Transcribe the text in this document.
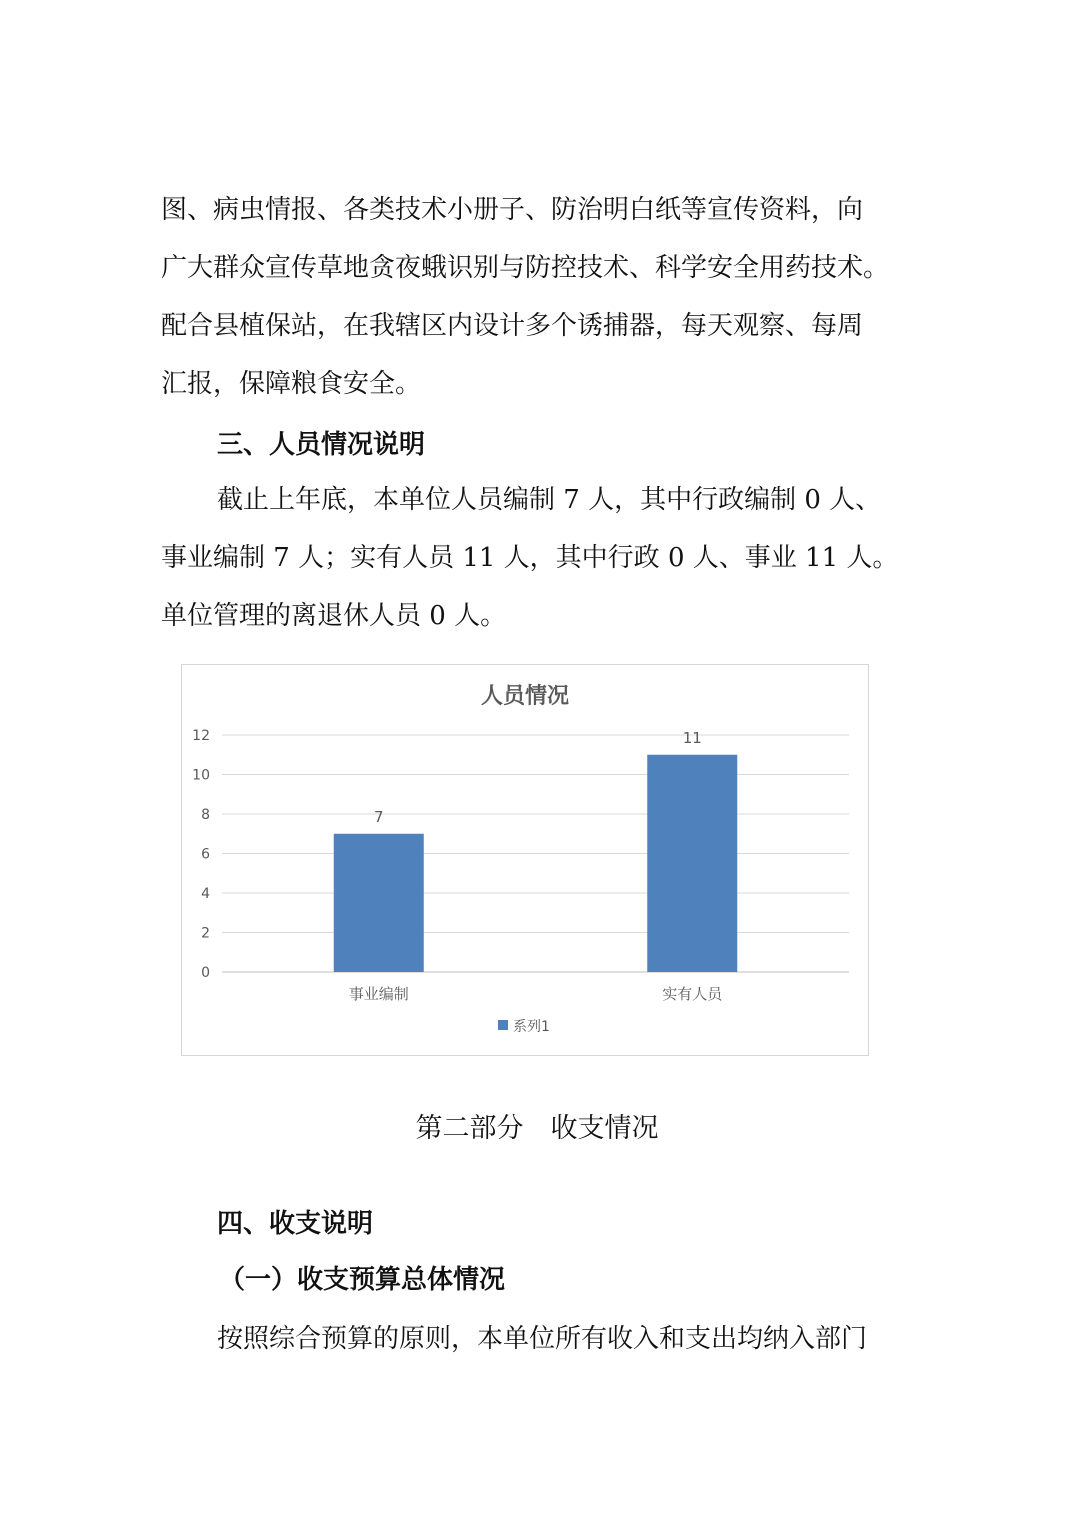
图、病虫情报、各类技术小册子、防治明白纸等宣传资料，向
广大群众宣传草地贪夜蛾识别与防控技术、科学安全用药技术。
配合县植保站，在我辖区内设计多个诱捕器，每天观察、每周
汇报，保障粮食安全。

三、人员情况说明

截止上年底，本单位人员编制 7 人，其中行政编制 0 人、
事业编制 7 人；实有人员 11 人，其中行政 0 人、事业 11 人。
单位管理的离退休人员 0 人。
人员情况
0
2
4
6
8
10
12
7
11
事业编制	实有人员
系列1

第二部分　收支情况

四、收支说明

（一）收支预算总体情况

按照综合预算的原则，本单位所有收入和支出均纳入部门
